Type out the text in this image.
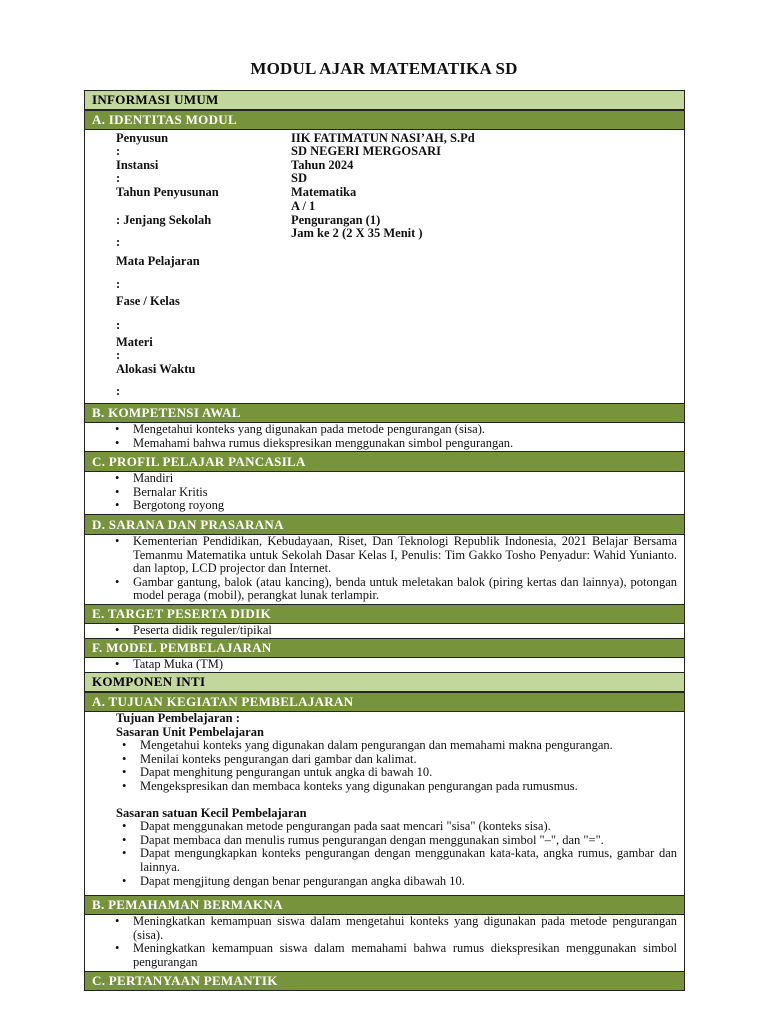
MODUL AJAR MATEMATIKA SD
INFORMASI UMUM
A. IDENTITAS MODUL
Penyusun
:
Instansi
:
Tahun Penyusunan
: Jenjang Sekolah
:
Mata Pelajaran
:
Fase / Kelas
:
Materi
:
Alokasi Waktu
:
IIK FATIMATUN NASI’AH, S.Pd
SD NEGERI MERGOSARI
Tahun 2024
SD
Matematika
A / 1
Pengurangan (1)
Jam ke 2 (2 X 35 Menit )
B. KOMPETENSI AWAL
• Mengetahui konteks yang digunakan pada metode pengurangan (sisa).
• Memahami bahwa rumus diekspresikan menggunakan simbol pengurangan.
C. PROFIL PELAJAR PANCASILA
• Mandiri
• Bernalar Kritis
• Bergotong royong
D. SARANA DAN PRASARANA
• Kementerian Pendidikan, Kebudayaan, Riset, Dan Teknologi Republik Indonesia, 2021 Belajar Bersama Temanmu Matematika untuk Sekolah Dasar Kelas I, Penulis: Tim Gakko Tosho Penyadur: Wahid Yunianto. dan laptop, LCD projector dan Internet.
• Gambar gantung, balok (atau kancing), benda untuk meletakan balok (piring kertas dan lainnya), potongan model peraga (mobil), perangkat lunak terlampir.
E. TARGET PESERTA DIDIK
• Peserta didik reguler/tipikal
F. MODEL PEMBELAJARAN
• Tatap Muka (TM)
KOMPONEN INTI
A. TUJUAN KEGIATAN PEMBELAJARAN
Tujuan Pembelajaran :
Sasaran Unit Pembelajaran
• Mengetahui konteks yang digunakan dalam pengurangan dan memahami makna pengurangan.
• Menilai konteks pengurangan dari gambar dan kalimat.
• Dapat menghitung pengurangan untuk angka di bawah 10.
• Mengekspresikan dan membaca konteks yang digunakan pengurangan pada rumusmus.
Sasaran satuan Kecil Pembelajaran
• Dapat menggunakan metode pengurangan pada saat mencari "sisa" (konteks sisa).
• Dapat membaca dan menulis rumus pengurangan dengan menggunakan simbol "–", dan "=".
• Dapat mengungkapkan konteks pengurangan dengan menggunakan kata-kata, angka rumus, gambar dan lainnya.
• Dapat mengjitung dengan benar pengurangan angka dibawah 10.
B. PEMAHAMAN BERMAKNA
• Meningkatkan kemampuan siswa dalam mengetahui konteks yang digunakan pada metode pengurangan (sisa).
• Meningkatkan kemampuan siswa dalam memahami bahwa rumus diekspresikan menggunakan simbol pengurangan
C. PERTANYAAN PEMANTIK
